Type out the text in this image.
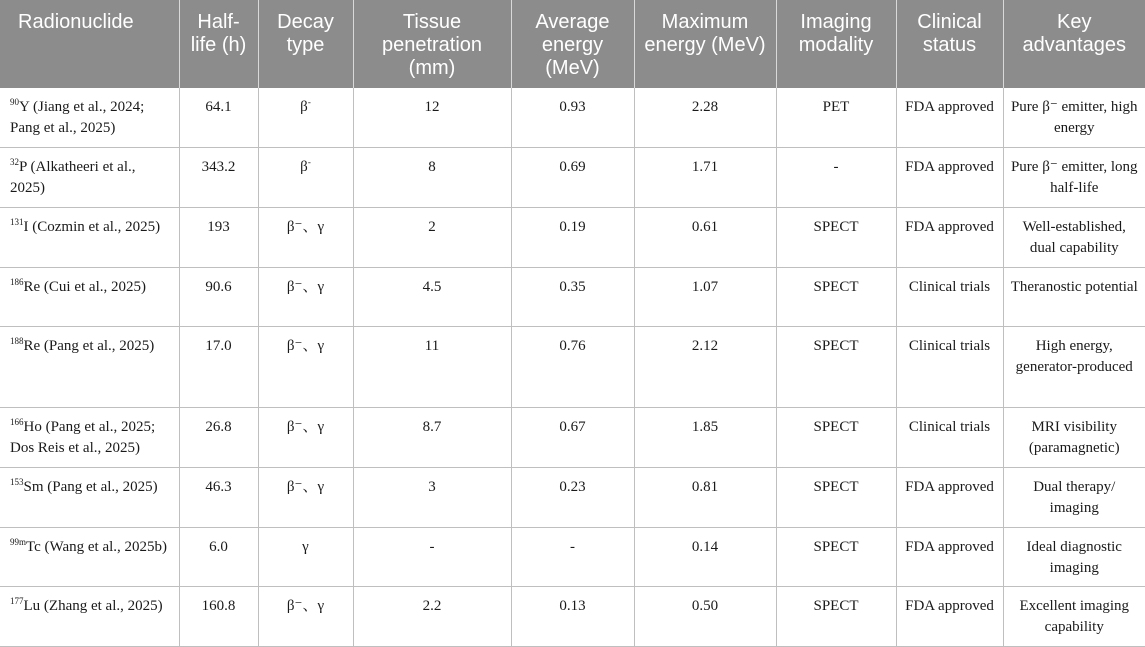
Radionuclide	Half-life (h)	Decay type	Tissue penetration (mm)	Average energy (MeV)	Maximum energy (MeV)	Imaging modality	Clinical status	Key advantages
$^{90}$Y (Jiang et al., 2024; Pang et al., 2025)	64.1	β-	12	0.93	2.28	PET	FDA approved	Pure β⁻ emitter, high energy
$^{32}$P (Alkatheeri et al., 2025)	343.2	β-	8	0.69	1.71	-	FDA approved	Pure β⁻ emitter, long half-life
$^{131}$I (Cozmin et al., 2025)	193	β⁻、γ	2	0.19	0.61	SPECT	FDA approved	Well-established, dual capability
$^{186}$Re (Cui et al., 2025)	90.6	β⁻、γ	4.5	0.35	1.07	SPECT	Clinical trials	Theranostic potential
$^{188}$Re (Pang et al., 2025)	17.0	β⁻、γ	11	0.76	2.12	SPECT	Clinical trials	High energy, generator-produced
$^{166}$Ho (Pang et al., 2025; Dos Reis et al., 2025)	26.8	β⁻、γ	8.7	0.67	1.85	SPECT	Clinical trials	MRI visibility (paramagnetic)
$^{153}$Sm (Pang et al., 2025)	46.3	β⁻、γ	3	0.23	0.81	SPECT	FDA approved	Dual therapy/ imaging
$^{99m}$Tc (Wang et al., 2025b)	6.0	γ	-	-	0.14	SPECT	FDA approved	Ideal diagnostic imaging
$^{177}$Lu (Zhang et al., 2025)	160.8	β⁻、γ	2.2	0.13	0.50	SPECT	FDA approved	Excellent imaging capability
